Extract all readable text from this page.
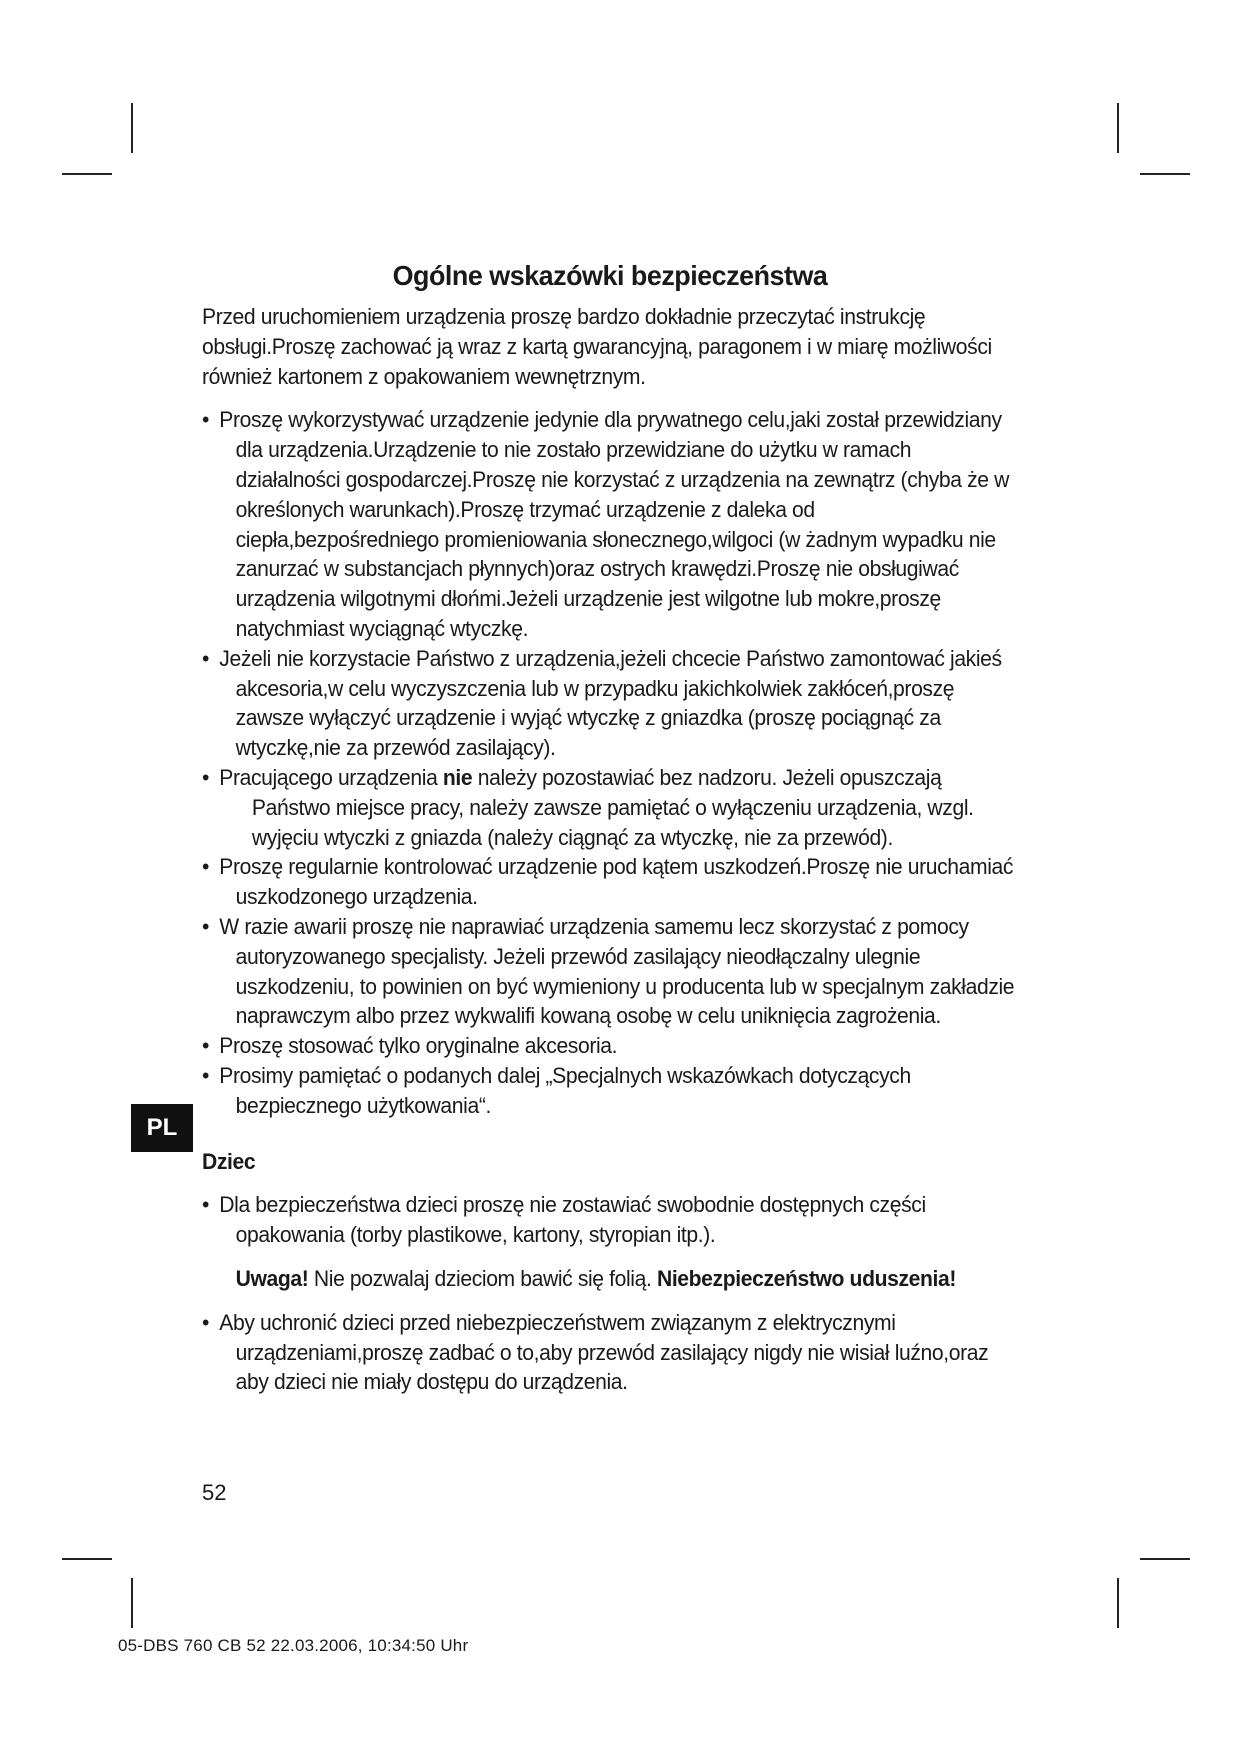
Ogólne wskazówki bezpieczeństwa

Przed uruchomieniem urządzenia proszę bardzo dokładnie przeczytać instrukcję obsługi.Proszę zachować ją wraz z kartą gwarancyjną, paragonem i w miarę możliwości również kartonem z opakowaniem wewnętrznym.

• Proszę wykorzystywać urządzenie jedynie dla prywatnego celu,jaki został przewidziany dla urządzenia.Urządzenie to nie zostało przewidziane do użytku w ramach działalności gospodarczej.Proszę nie korzystać z urządzenia na zewnątrz (chyba że w określonych warunkach).Proszę trzymać urządzenie z daleka od ciepła,bezpośredniego promieniowania słonecznego,wilgoci (w żadnym wypadku nie zanurzać w substancjach płynnych)oraz ostrych krawędzi.Proszę nie obsługiwać urządzenia wilgotnymi dłońmi.Jeżeli urządzenie jest wilgotne lub mokre,proszę natychmiast wyciągnąć wtyczkę.
• Jeżeli nie korzystacie Państwo z urządzenia,jeżeli chcecie Państwo zamontować jakieś akcesoria,w celu wyczyszczenia lub w przypadku jakichkolwiek zakłóceń,proszę zawsze wyłączyć urządzenie i wyjąć wtyczkę z gniazdka (proszę pociągnąć za wtyczkę,nie za przewód zasilający).
• Pracującego urządzenia nie należy pozostawiać bez nadzoru. Jeżeli opuszczają Państwo miejsce pracy, należy zawsze pamiętać o wyłączeniu urządzenia, wzgl. wyjęciu wtyczki z gniazda (należy ciągnąć za wtyczkę, nie za przewód).
• Proszę regularnie kontrolować urządzenie pod kątem uszkodzeń.Proszę nie uruchamiać uszkodzonego urządzenia.
• W razie awarii proszę nie naprawiać urządzenia samemu lecz skorzystać z pomocy autoryzowanego specjalisty. Jeżeli przewód zasilający nieodłączalny ulegnie uszkodzeniu, to powinien on być wymieniony u producenta lub w specjalnym zakładzie naprawczym albo przez wykwalifi kowaną osobę w celu uniknięcia zagrożenia.
• Proszę stosować tylko oryginalne akcesoria.
• Prosimy pamiętać o podanych dalej „Specjalnych wskazówkach dotyczących bezpiecznego użytkowania“.
Dziec
• Dla bezpieczeństwa dzieci proszę nie zostawiać swobodnie dostępnych części opakowania (torby plastikowe, kartony, styropian itp.).

Uwaga! Nie pozwalaj dzieciom bawić się folią. Niebezpieczeństwo uduszenia!

• Aby uchronić dzieci przed niebezpieczeństwem związanym z elektrycznymi urządzeniami,proszę zadbać o to,aby przewód zasilający nigdy nie wisiał luźno,oraz aby dzieci nie miały dostępu do urządzenia.
PL
52
05-DBS 760 CB 52 22.03.2006, 10:34:50 Uhr
